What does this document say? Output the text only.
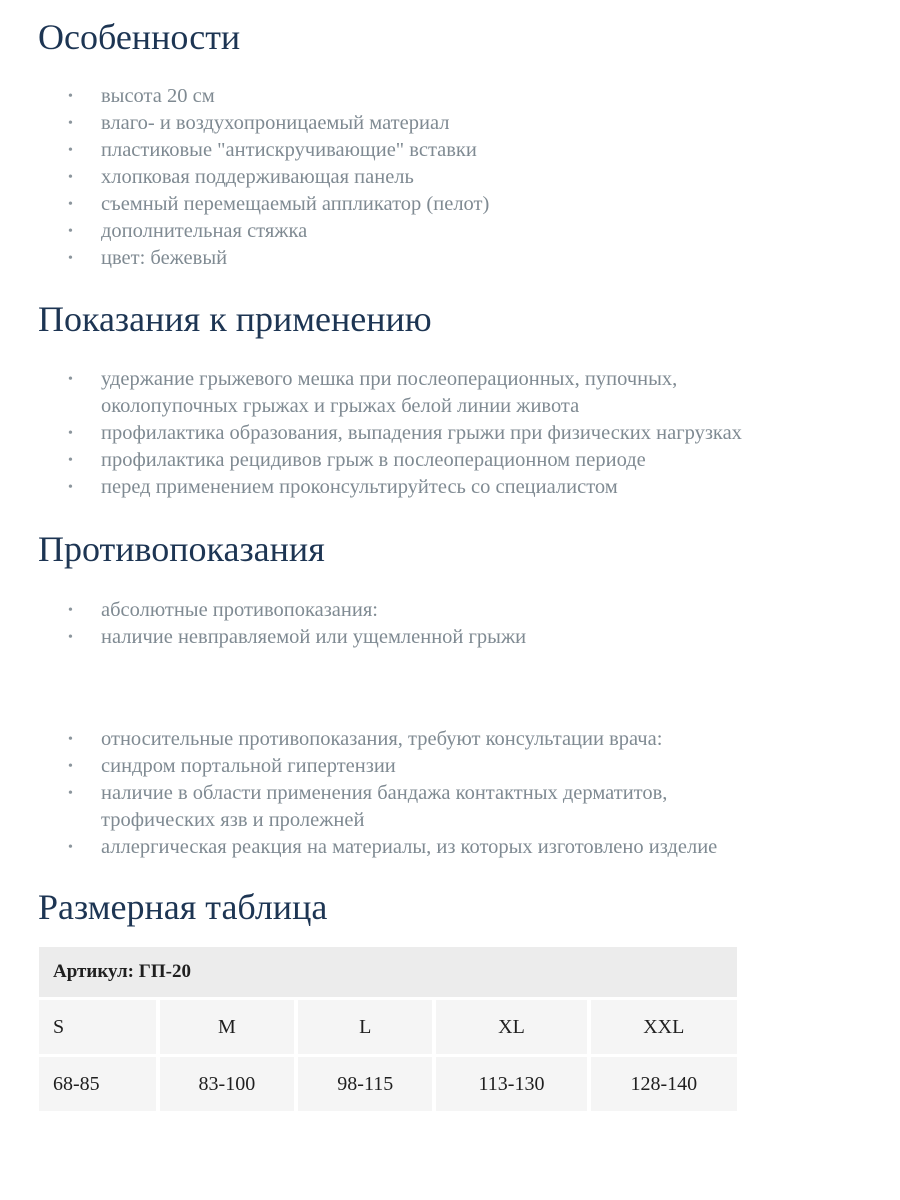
Особенности
• высота 20 см
• влаго- и воздухопроницаемый материал
• пластиковые "антискручивающие" вставки
• хлопковая поддерживающая панель
• съемный перемещаемый аппликатор (пелот)
• дополнительная стяжка
• цвет: бежевый
Показания к применению
• удержание грыжевого мешка при послеоперационных, пупочных, околопупочных грыжах и грыжах белой линии живота
• профилактика образования, выпадения грыжи при физических нагрузках
• профилактика рецидивов грыж в послеоперационном периоде
• перед применением проконсультируйтесь со специалистом
Противопоказания
• абсолютные противопоказания:
• наличие невправляемой или ущемленной грыжи
• относительные противопоказания, требуют консультации врача:
• синдром портальной гипертензии
• наличие в области применения бандажа контактных дерматитов, трофических язв и пролежней
• аллергическая реакция на материалы, из которых изготовлено изделие
Размерная таблица
Артикул: ГП-20				
S	M	L	XL	XXL
68-85	83-100	98-115	113-130	128-140
